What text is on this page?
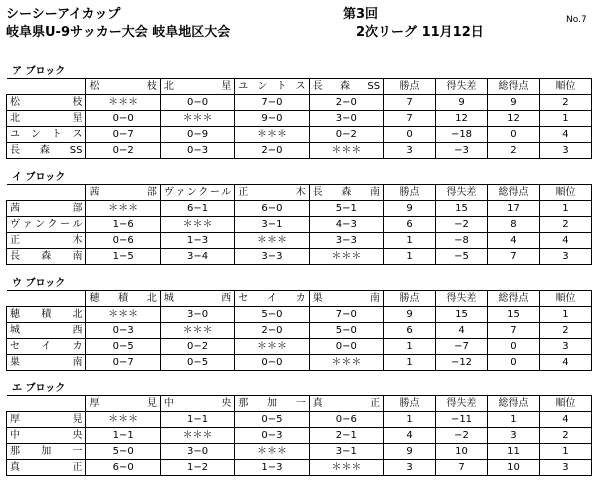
シーシーアイカップ
岐阜県U-9サッカー大会 岐阜地区大会
第3回
2次リーグ 11月12日
No.7
ア ブロック
	松　　枝	北　　星	ユントス	長　森　SS	勝点	得失差	総得点	順位
松　　枝	＊＊＊	0−0	7−0	2−0	7	9	9	2
北　　星	0−0	＊＊＊	9−0	3−0	7	12	12	1
ユントス	0−7	0−9	＊＊＊	0−2	0	−18	0	4
長　森　SS	0−2	0−3	2−0	＊＊＊	3	−3	2	3
イ ブロック
	茜　　部	ヴァンクール	正　　木	長　森　南	勝点	得失差	総得点	順位
茜　　部	＊＊＊	6−1	6−0	5−1	9	15	17	1
ヴァンクール	1−6	＊＊＊	3−1	4−3	6	−2	8	2
正　　木	0−6	1−3	＊＊＊	3−3	1	−8	4	4
長　森　南	1−5	3−4	3−3	＊＊＊	1	−5	7	3
ウ ブロック
	穂　積　北	城　　西	セイカ	巣　　南	勝点	得失差	総得点	順位
穂　積　北	＊＊＊	3−0	5−0	7−0	9	15	15	1
城　　西	0−3	＊＊＊	2−0	5−0	6	4	7	2
セイカ	0−5	0−2	＊＊＊	0−0	1	−7	0	3
巣　　南	0−7	0−5	0−0	＊＊＊	1	−12	0	4
エ ブロック
	厚　　見	中　　央	那　加　一	真　　正	勝点	得失差	総得点	順位
厚　　見	＊＊＊	1−1	0−5	0−6	1	−11	1	4
中　　央	1−1	＊＊＊	0−3	2−1	4	−2	3	2
那　加　一	5−0	3−0	＊＊＊	3−1	9	10	11	1
真　　正	6−0	1−2	1−3	＊＊＊	3	7	10	3
